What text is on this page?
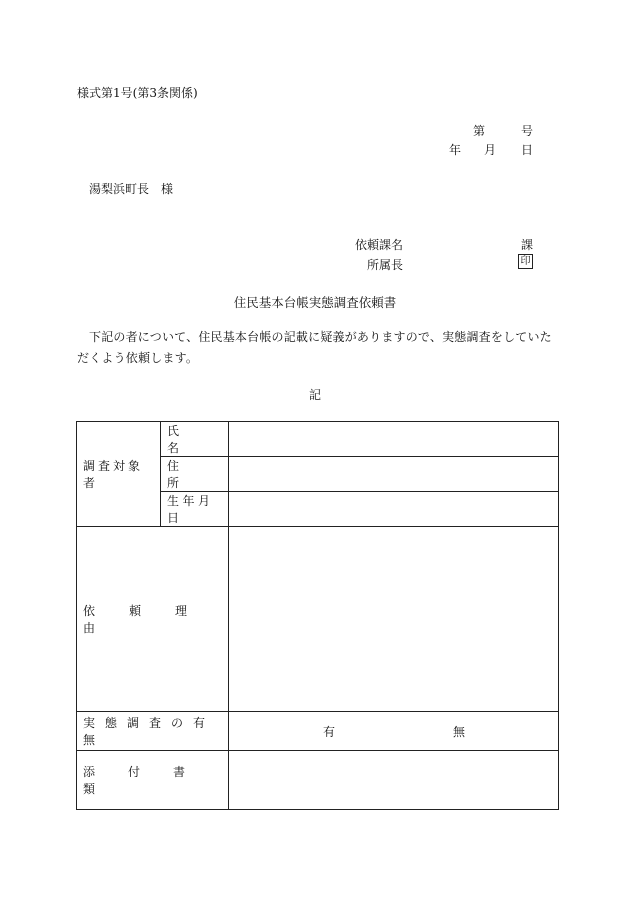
様式第1号(第3条関係)
第	号
年 月 日
湯梨浜町長　様
依頼課名	課
所属長	印
住民基本台帳実態調査依頼書
下記の者について、住民基本台帳の記載に疑義がありますので、実態調査をしていただくよう依頼します。
記
調査対象者	氏名	

	住所	

	生年月日	

依頼理由		

実態調査の有無		有 無

添付書類		
